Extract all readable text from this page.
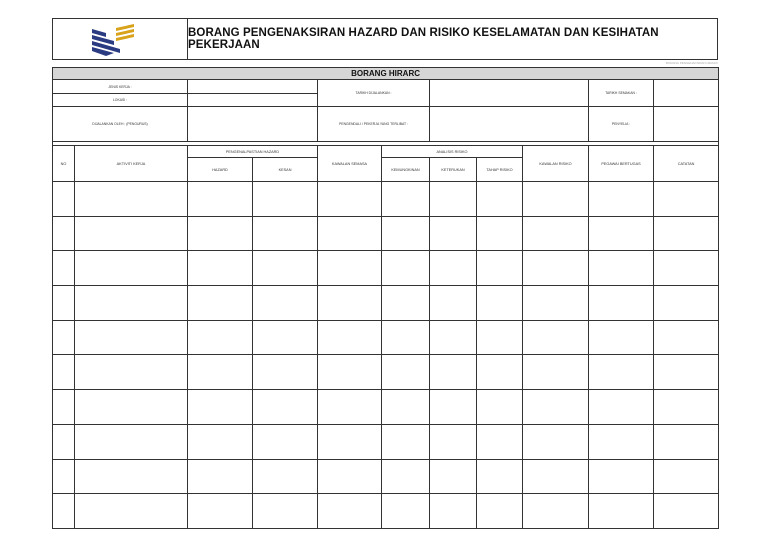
BORANG PENGENAKSIRAN HAZARD DAN RISIKO KESELAMATAN DAN KESIHATAN PEKERJAAN
BORANG PENGENAKSIRAN HIRARC
BORANG HIRARC										
JENIS KERJA :				TARIKH DIJALANKAN :					TARIKH SEMAKAN :	
LOKASI :										
DIJALANKAN OLEH : (PENGURUS)				PENGENDALI / PEKERJA YANG TERLIBAT :					PENYELIA :	

NO	AKTIVITI KERJA	PENGENALPASTIAN HAZARD		KAWALAN SEMASA	ANALISIS RISIKO			KAWALAN RISIKO	PEGAWAI BERTUGAS	CATATAN
		HAZARD	KESAN		KEMUNGKINAN	KETERUKAN	TAHAP RISIKO			
